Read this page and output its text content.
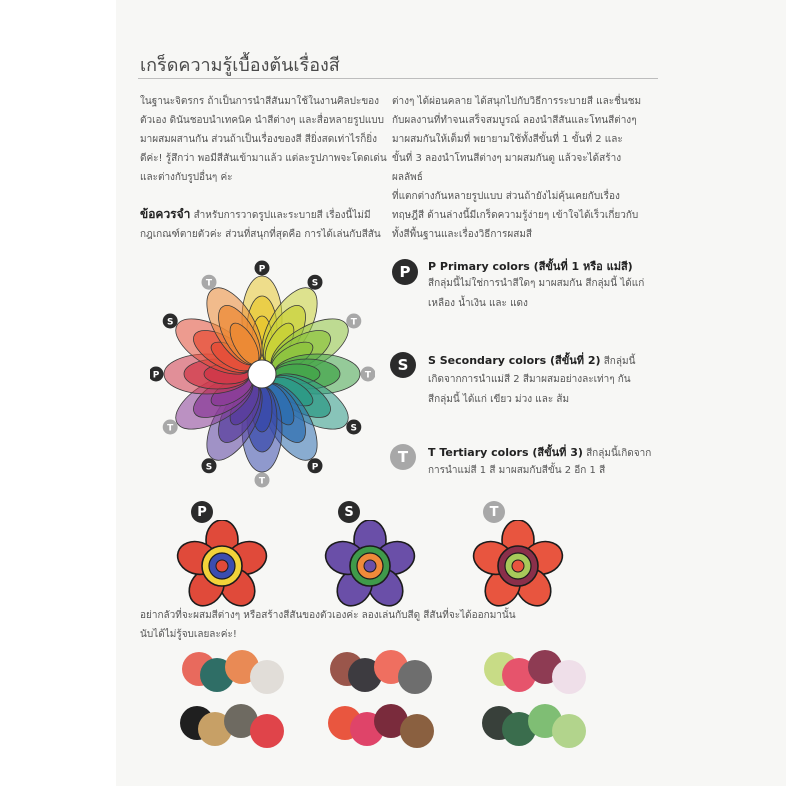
เกร็ดความรู้เบื้องต้นเรื่องสี
ในฐานะจิตรกร ถ้าเป็นการนำสีสันมาใช้ในงานศิลปะของ
ตัวเอง ดินันชอบนำเทคนิค นำสีต่างๆ และสื่อหลายรูปแบบ
มาผสมผสานกัน ส่วนถ้าเป็นเรื่องของสี สียิ่งสดเท่าไรก็ยิ่ง
ดีค่ะ! รู้สึกว่า พอมีสีสันเข้ามาแล้ว แต่ละรูปภาพจะโดดเด่น
และต่างกับรูปอื่นๆ ค่ะ
ข้อควรจำ สำหรับการวาดรูปและระบายสี เรื่องนี้ไม่มี
กฎเกณฑ์ตายตัวค่ะ ส่วนที่สนุกที่สุดคือ การได้เล่นกับสีสัน
ต่างๆ ได้ผ่อนคลาย ได้สนุกไปกับวิธีการระบายสี และชื่นชม
กับผลงานที่ทำจนเสร็จสมบูรณ์ ลองนำสีสันและโทนสีต่างๆ
มาผสมกันให้เต็มที่ พยายามใช้ทั้งสีขั้นที่ 1 ขั้นที่ 2 และ
ขั้นที่ 3 ลองนำโทนสีต่างๆ มาผสมกันดู แล้วจะได้สร้างผลลัพธ์
ที่แตกต่างกันหลายรูปแบบ ส่วนถ้ายังไม่คุ้นเคยกับเรื่อง
ทฤษฎีสี ด้านล่างนี้มีเกร็ดความรู้ง่ายๆ เข้าใจได้เร็วเกี่ยวกับ
ทั้งสีพื้นฐานและเรื่องวิธีการผสมสี
P
S
T
T
S
P
T
S
T
P
S
T
P P Primary colors (สีขั้นที่ 1 หรือ แม่สี)
สีกลุ่มนี้ไม่ใช่การนำสีใดๆ มาผสมกัน สีกลุ่มนี้ ได้แก่
เหลือง น้ำเงิน และ แดง
S S Secondary colors (สีขั้นที่ 2) สีกลุ่มนี้
เกิดจากการนำแม่สี 2 สีมาผสมอย่างละเท่าๆ กัน
สีกลุ่มนี้ ได้แก่ เขียว ม่วง และ ส้ม
T T Tertiary colors (สีขั้นที่ 3) สีกลุ่มนี้เกิดจาก
การนำแม่สี 1 สี มาผสมกับสีขั้น 2 อีก 1 สี
P	S	T
อย่ากลัวที่จะผสมสีต่างๆ หรือสร้างสีสันของตัวเองค่ะ ลองเล่นกับสีดู สีสันที่จะได้ออกมานั้น
นับได้ไม่รู้จบเลยละค่ะ!
